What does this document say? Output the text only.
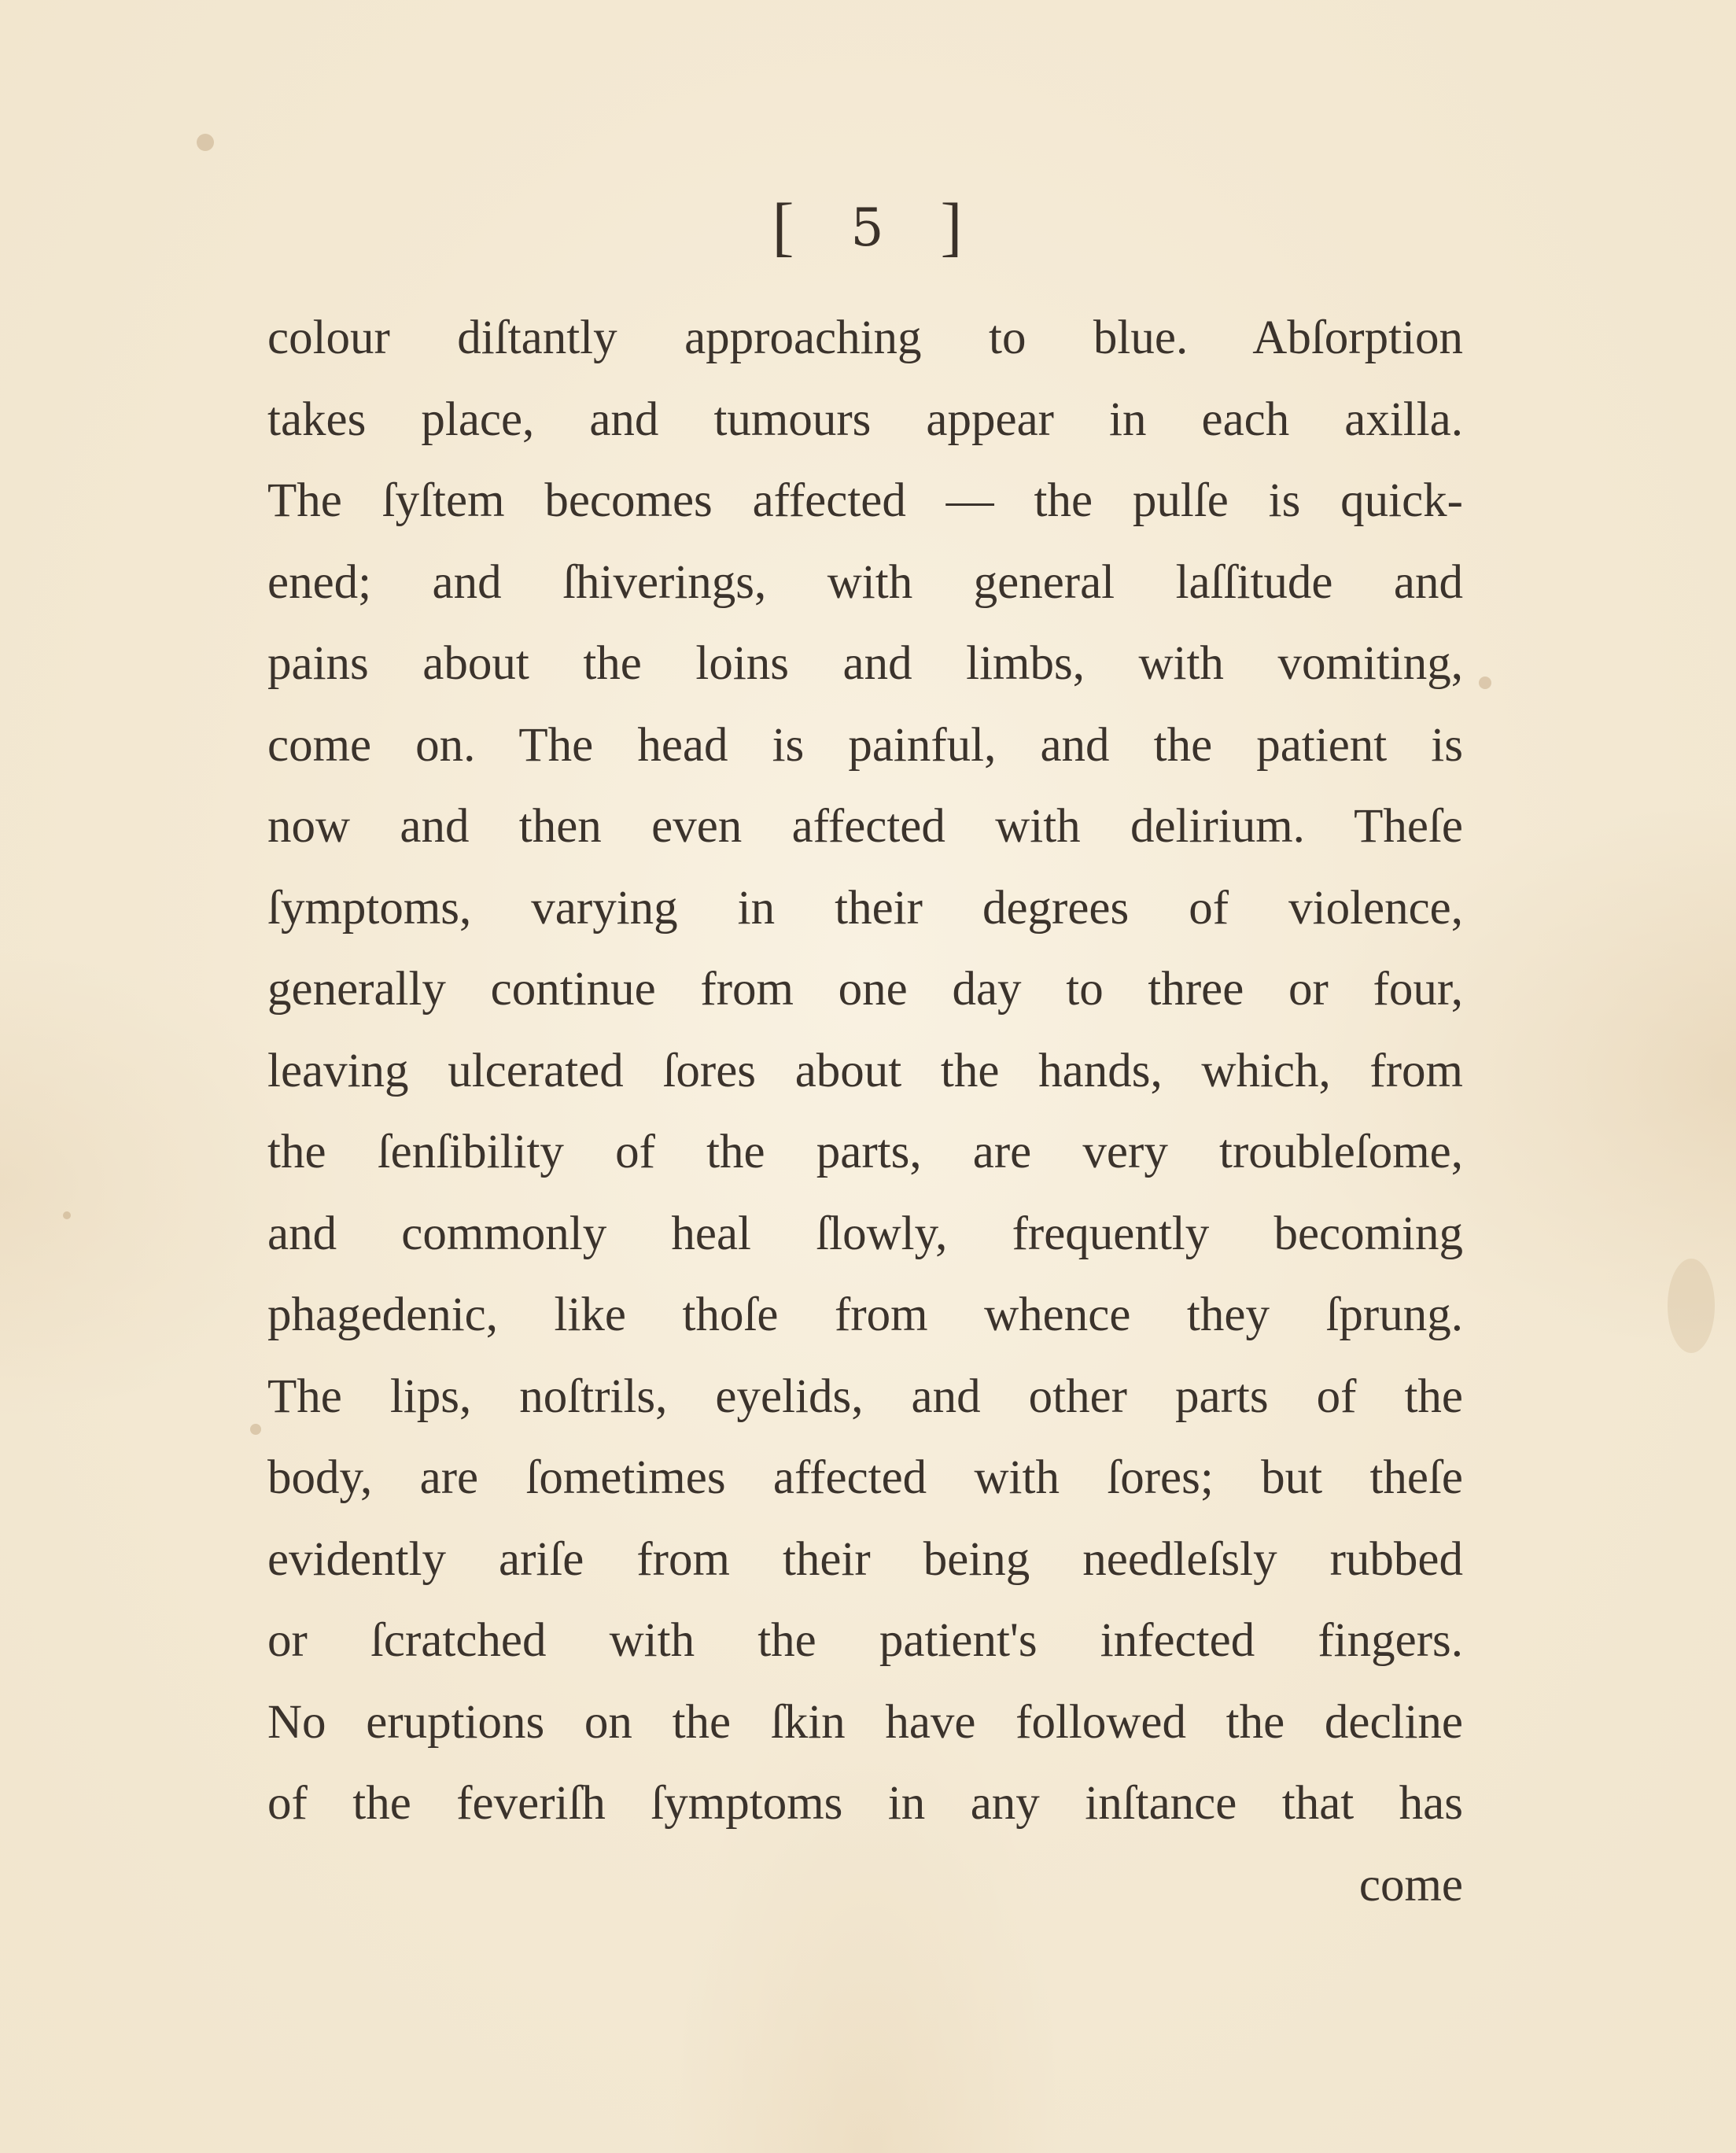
[ 5 ]

colour diſtantly approaching to blue. Abſorption
takes place, and tumours appear in each axilla.
The ſyſtem becomes affected — the pulſe is quick-
ened; and ſhiverings, with general laſſitude and
pains about the loins and limbs, with vomiting,
come on. The head is painful, and the patient is
now and then even affected with delirium. Theſe
ſymptoms, varying in their degrees of violence,
generally continue from one day to three or four,
leaving ulcerated ſores about the hands, which, from
the ſenſibility of the parts, are very troubleſome,
and commonly heal ſlowly, frequently becoming
phagedenic, like thoſe from whence they ſprung.
The lips, noſtrils, eyelids, and other parts of the
body, are ſometimes affected with ſores; but theſe
evidently ariſe from their being needleſsly rubbed
or ſcratched with the patient's infected fingers.
No eruptions on the ſkin have followed the decline
of the feveriſh ſymptoms in any inſtance that has
come
